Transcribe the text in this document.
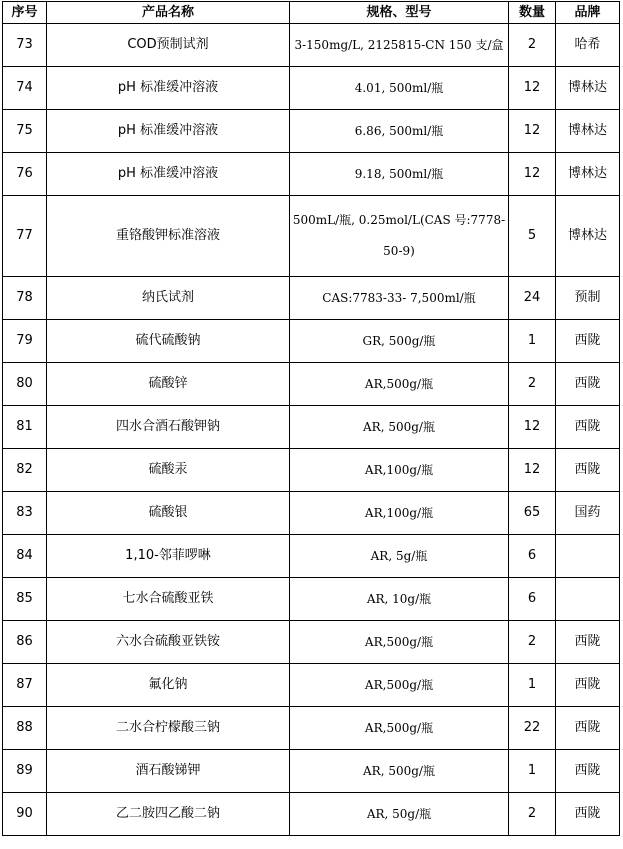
序号	产品名称	规格、型号	数量	品牌
73	COD预制试剂	3-150mg/L, 2125815-CN 150 支/盒	2	哈希
74	pH 标准缓冲溶液	4.01, 500ml/瓶	12	博林达
75	pH 标准缓冲溶液	6.86, 500ml/瓶	12	博林达
76	pH 标准缓冲溶液	9.18, 500ml/瓶	12	博林达
77	重铬酸钾标准溶液	500mL/瓶, 0.25mol/L(CAS 号:7778-50-9)	5	博林达
78	纳氏试剂	CAS:7783-33- 7,500ml/瓶	24	预制
79	硫代硫酸钠	GR, 500g/瓶	1	西陇
80	硫酸锌	AR,500g/瓶	2	西陇
81	四水合酒石酸钾钠	AR, 500g/瓶	12	西陇
82	硫酸汞	AR,100g/瓶	12	西陇
83	硫酸银	AR,100g/瓶	65	国药
84	1,10-邻菲啰啉	AR, 5g/瓶	6	
85	七水合硫酸亚铁	AR, 10g/瓶	6	
86	六水合硫酸亚铁铵	AR,500g/瓶	2	西陇
87	氟化钠	AR,500g/瓶	1	西陇
88	二水合柠檬酸三钠	AR,500g/瓶	22	西陇
89	酒石酸锑钾	AR, 500g/瓶	1	西陇
90	乙二胺四乙酸二钠	AR, 50g/瓶	2	西陇
